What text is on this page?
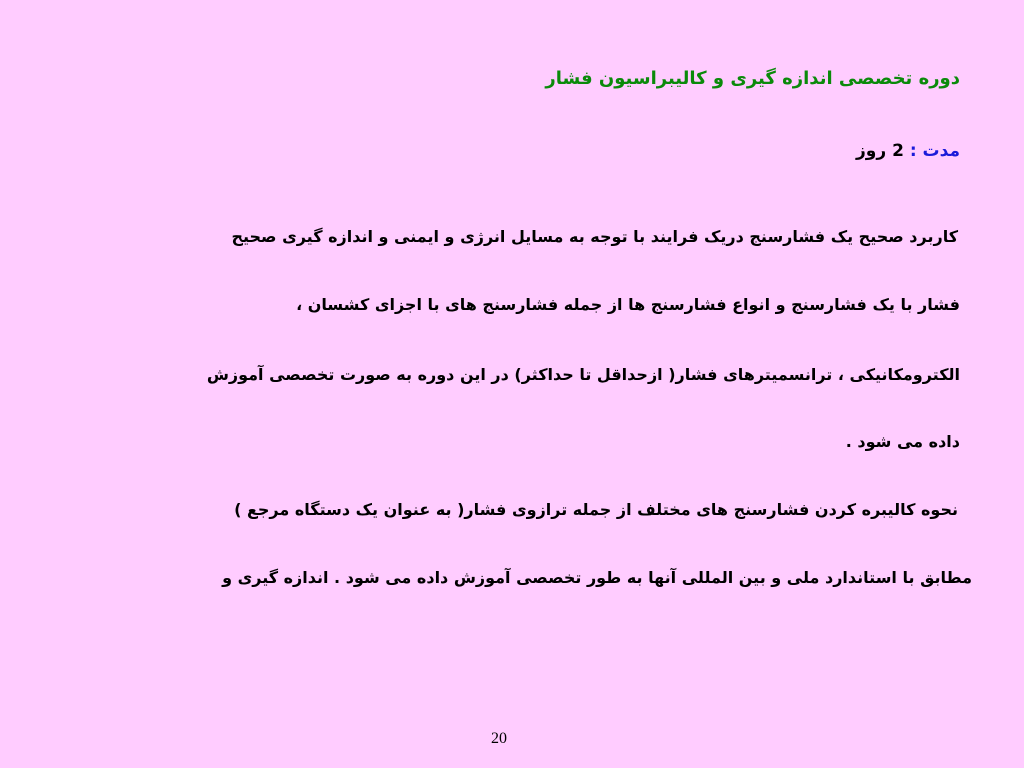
دوره تخصصی اندازه گیری و کالیبراسیون فشار
مدت : 2 روز
کاربرد صحیح یک فشارسنج دریک فرایند با توجه به مسایل انرژی و ایمنی و اندازه گیری صحیح
فشار با یک فشارسنج و انواع فشارسنج ها از جمله فشارسنج های با اجزای کشسان ،
الکترومکانیکی ، ترانسمیترهای فشار( ازحداقل تا حداکثر) در این دوره به صورت تخصصی آموزش
داده می شود .
نحوه کالیبره کردن فشارسنج های مختلف از جمله ترازوی فشار( به عنوان یک دستگاه مرجع )
مطابق با استاندارد ملی و بین المللی آنها به طور تخصصی آموزش داده می شود . اندازه گیری و
20
